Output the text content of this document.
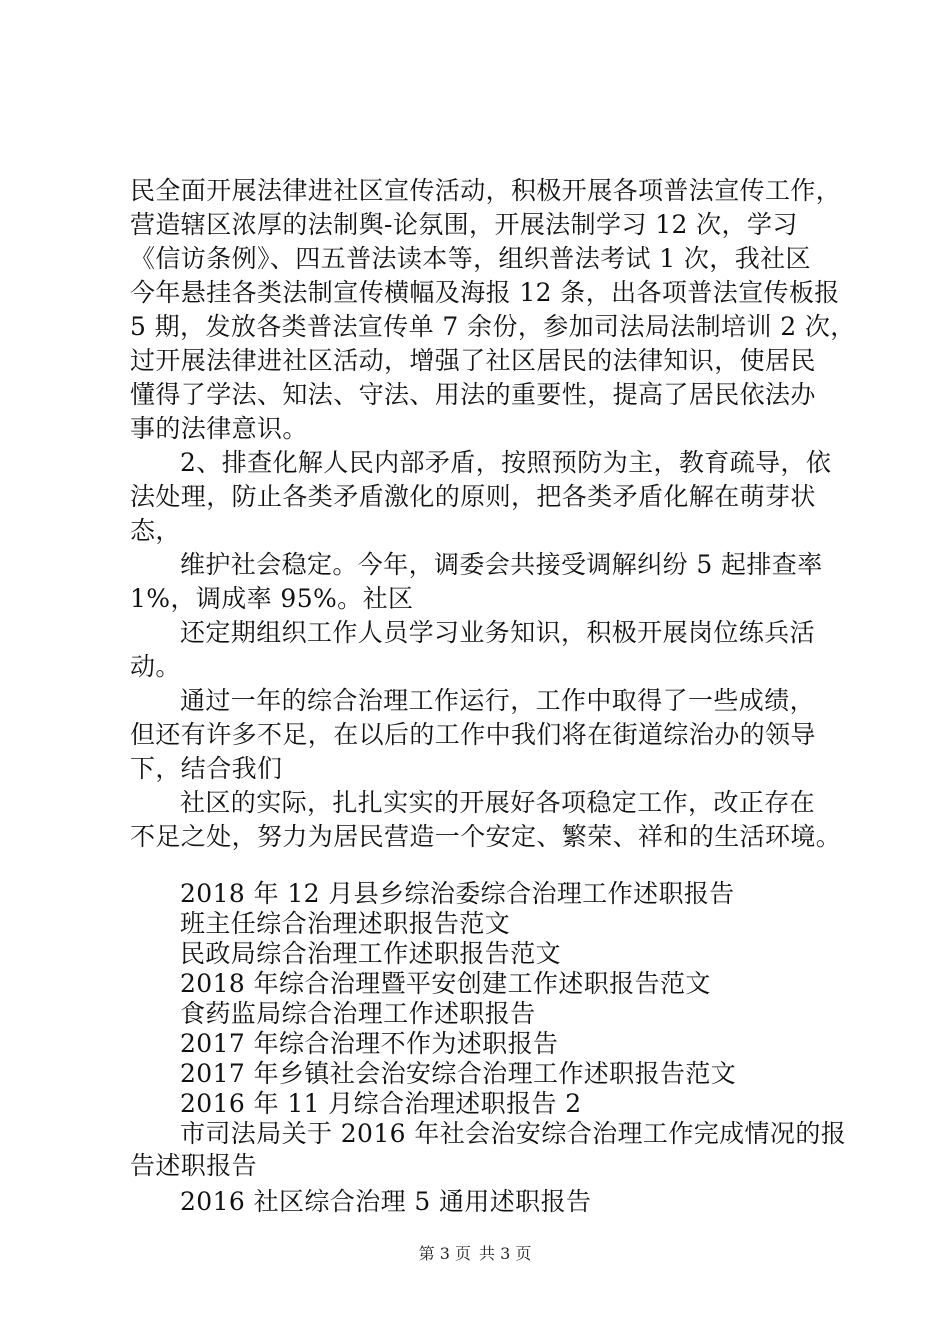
民全面开展法律进社区宣传活动，积极开展各项普法宣传工作，
营造辖区浓厚的法制舆-论氛围，开展法制学习 12 次，学习
《信访条例》、四五普法读本等，组织普法考试 1 次，我社区
今年悬挂各类法制宣传横幅及海报 12 条，出各项普法宣传板报
5 期，发放各类普法宣传单 7 余份，参加司法局法制培训 2 次，
过开展法律进社区活动，增强了社区居民的法律知识，使居民
懂得了学法、知法、守法、用法的重要性，提高了居民依法办
事的法律意识。
2、排查化解人民内部矛盾，按照预防为主，教育疏导，依
法处理，防止各类矛盾激化的原则，把各类矛盾化解在萌芽状
态，
维护社会稳定。今年，调委会共接受调解纠纷 5 起排查率
1%，调成率 95%。社区
还定期组织工作人员学习业务知识，积极开展岗位练兵活
动。
通过一年的综合治理工作运行，工作中取得了一些成绩，
但还有许多不足，在以后的工作中我们将在街道综治办的领导
下，结合我们
社区的实际，扎扎实实的开展好各项稳定工作，改正存在
不足之处，努力为居民营造一个安定、繁荣、祥和的生活环境。
2018 年 12 月县乡综治委综合治理工作述职报告
班主任综合治理述职报告范文
民政局综合治理工作述职报告范文
2018 年综合治理暨平安创建工作述职报告范文
食药监局综合治理工作述职报告
2017 年综合治理不作为述职报告
2017 年乡镇社会治安综合治理工作述职报告范文
2016 年 11 月综合治理述职报告 2
市司法局关于 2016 年社会治安综合治理工作完成情况的报
告述职报告
2016 社区综合治理 5 通用述职报告
第 3 页 共 3 页
